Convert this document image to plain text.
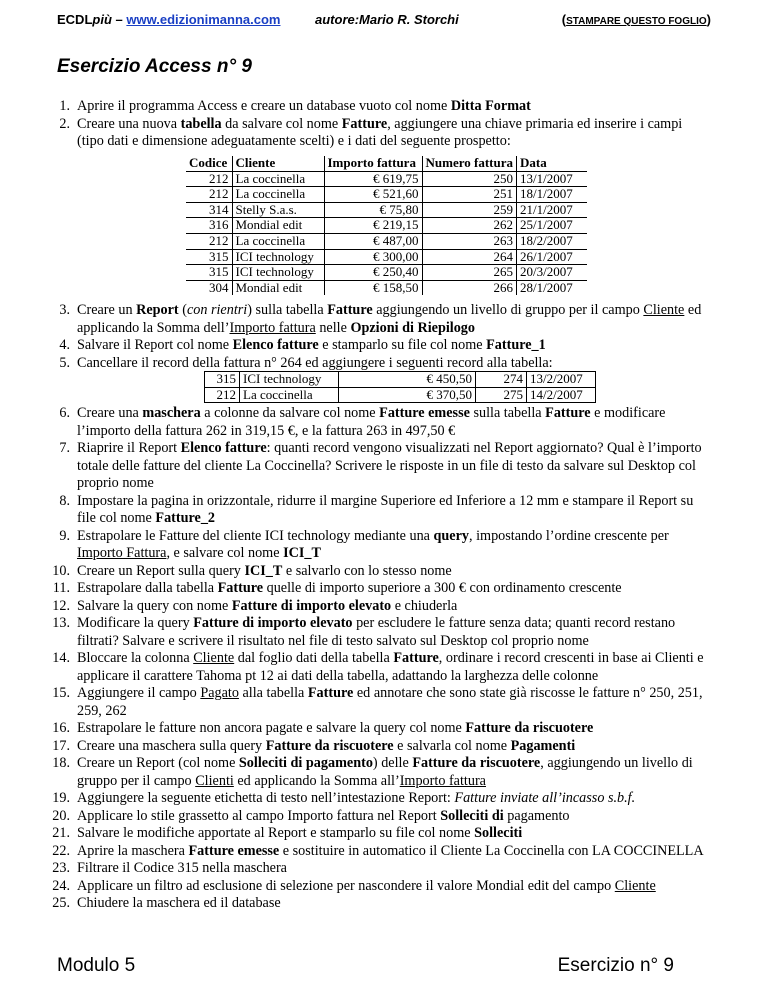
ECDLpiù – www.edizionimanna.com	autore:Mario R. Storchi	(STAMPARE QUESTO FOGLIO)
Esercizio Access n° 9
1. Aprire il programma Access e creare un database vuoto col nome Ditta Format
2. Creare una nuova tabella da salvare col nome Fatture, aggiungere una chiave primaria ed inserire i campi (tipo dati e dimensione adeguatamente scelti) e i dati del seguente prospetto:
Codice	Cliente	Importo fattura	Numero fattura	Data
212	La coccinella	€ 619,75	250	13/1/2007
212	La coccinella	€ 521,60	251	18/1/2007
314	Stelly S.a.s.	€ 75,80	259	21/1/2007
316	Mondial edit	€ 219,15	262	25/1/2007
212	La coccinella	€ 487,00	263	18/2/2007
315	ICI technology	€ 300,00	264	26/1/2007
315	ICI technology	€ 250,40	265	20/3/2007
304	Mondial edit	€ 158,50	266	28/1/2007
3. Creare un Report (con rientri) sulla tabella Fatture aggiungendo un livello di gruppo per il campo Cliente ed applicando la Somma dell’Importo fattura nelle Opzioni di Riepilogo
4. Salvare il Report col nome Elenco fatture e stamparlo su file col nome Fatture_1
5. Cancellare il record della fattura n° 264 ed aggiungere i seguenti record alla tabella:
315	ICI technology	€ 450,50	274	13/2/2007
212	La coccinella	€ 370,50	275	14/2/2007
6. Creare una maschera a colonne da salvare col nome Fatture emesse sulla tabella Fatture e modificare l’importo della fattura 262 in 319,15 €, e la fattura 263 in 497,50 €
7. Riaprire il Report Elenco fatture: quanti record vengono visualizzati nel Report aggiornato? Qual è l’importo totale delle fatture del cliente La Coccinella? Scrivere le risposte in un file di testo da salvare sul Desktop col proprio nome
8. Impostare la pagina in orizzontale, ridurre il margine Superiore ed Inferiore a 12 mm e stampare il Report su file col nome Fatture_2
9. Estrapolare le Fatture del cliente ICI technology mediante una query, impostando l’ordine crescente per Importo Fattura, e salvare col nome ICI_T
10. Creare un Report sulla query ICI_T e salvarlo con lo stesso nome
11. Estrapolare dalla tabella Fatture quelle di importo superiore a 300 € con ordinamento crescente
12. Salvare la query con nome Fatture di importo elevato e chiuderla
13. Modificare la query Fatture di importo elevato per escludere le fatture senza data; quanti record restano filtrati? Salvare e scrivere il risultato nel file di testo salvato sul Desktop col proprio nome
14. Bloccare la colonna Cliente dal foglio dati della tabella Fatture, ordinare i record crescenti in base ai Clienti e applicare il carattere Tahoma pt 12 ai dati della tabella, adattando la larghezza delle colonne
15. Aggiungere il campo Pagato alla tabella Fatture ed annotare che sono state già riscosse le fatture n° 250, 251, 259, 262
16. Estrapolare le fatture non ancora pagate e salvare la query col nome Fatture da riscuotere
17. Creare una maschera sulla query Fatture da riscuotere e salvarla col nome Pagamenti
18. Creare un Report (col nome Solleciti di pagamento) delle Fatture da riscuotere, aggiungendo un livello di gruppo per il campo Clienti ed applicando la Somma all’Importo fattura
19. Aggiungere la seguente etichetta di testo nell’intestazione Report: Fatture inviate all’incasso s.b.f.
20. Applicare lo stile grassetto al campo Importo fattura nel Report Solleciti di pagamento
21. Salvare le modifiche apportate al Report e stamparlo su file col nome Solleciti
22. Aprire la maschera Fatture emesse e sostituire in automatico il Cliente La Coccinella con LA COCCINELLA
23. Filtrare il Codice 315 nella maschera
24. Applicare un filtro ad esclusione di selezione per nascondere il valore Mondial edit del campo Cliente
25. Chiudere la maschera ed il database
Modulo 5	Esercizio n° 9
